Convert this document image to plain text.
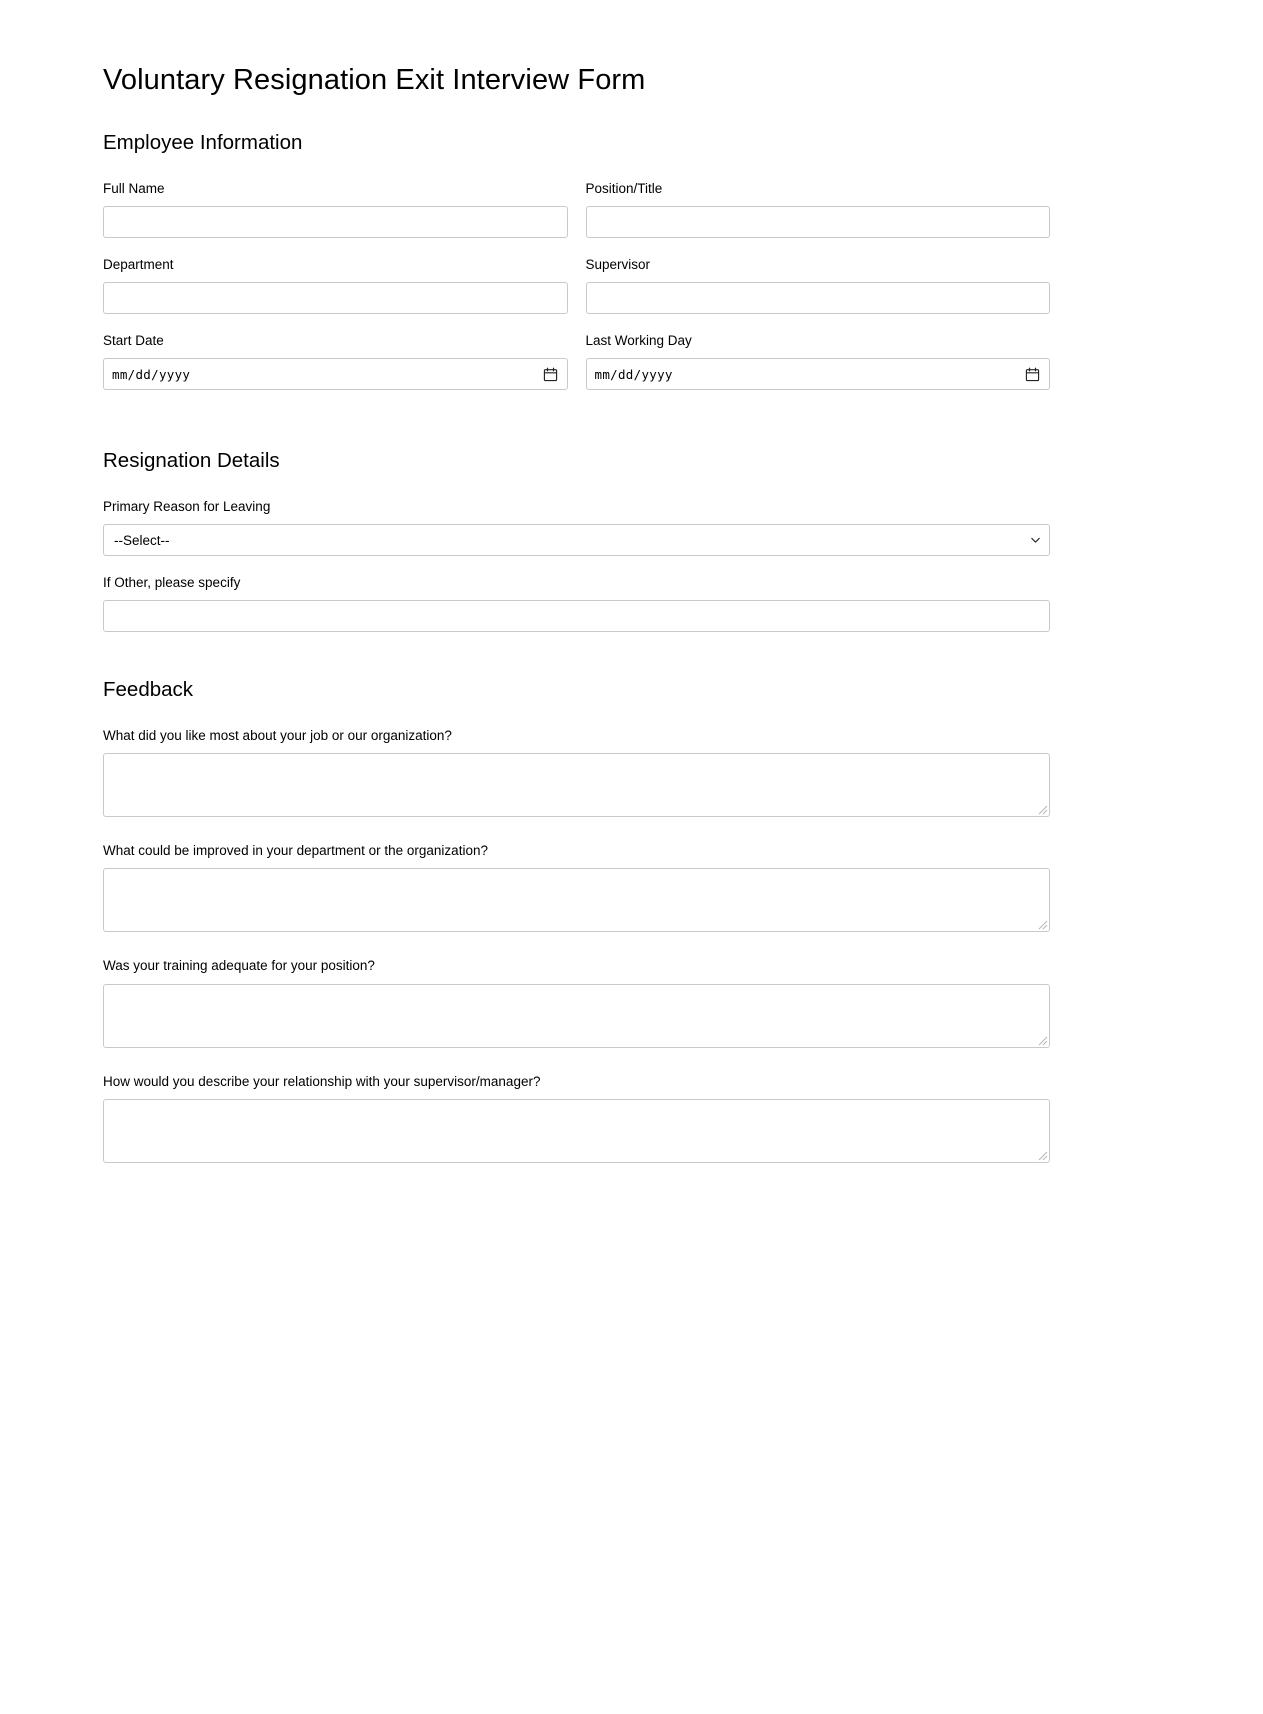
Voluntary Resignation Exit Interview Form
Employee Information
Full Name	Position/Title
Department	Supervisor
Start Date
mm/dd/yyyy
Last Working Day
mm/dd/yyyy
Resignation Details
Primary Reason for Leaving
--Select--
If Other, please specify
Feedback
What did you like most about your job or our organization?
What could be improved in your department or the organization?
Was your training adequate for your position?
How would you describe your relationship with your supervisor/manager?
